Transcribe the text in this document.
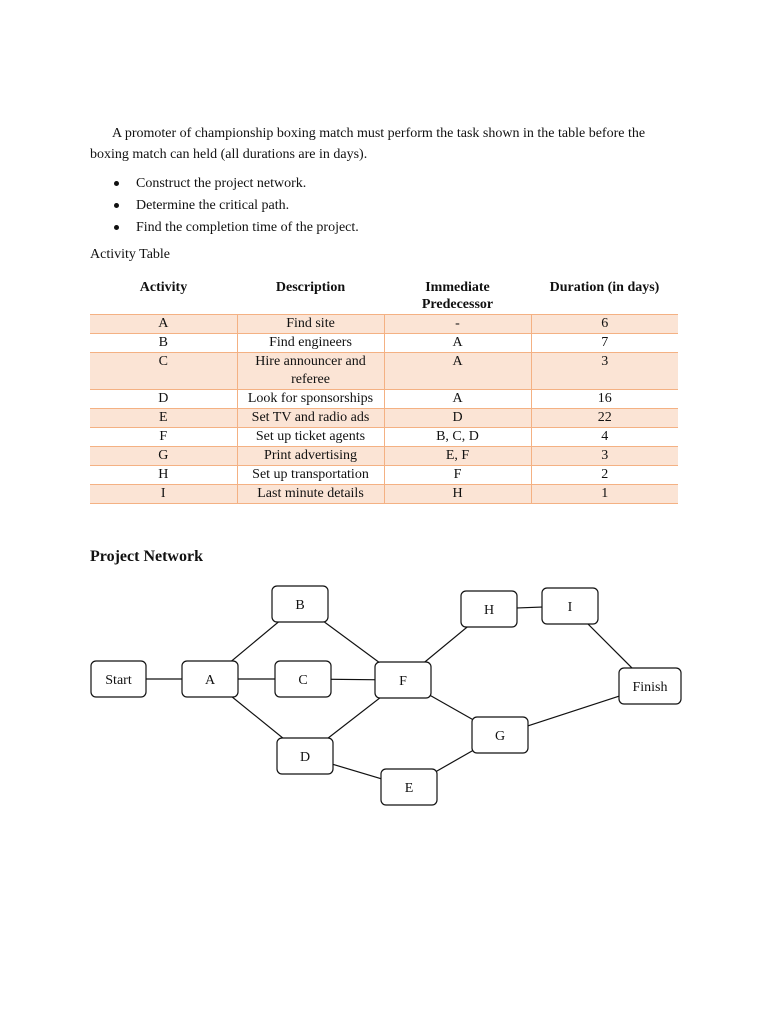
A promoter of championship boxing match must perform the task shown in the table before the boxing match can held (all durations are in days).

Construct the project network.
Determine the critical path.
Find the completion time of the project.

Activity Table

Activity	Description	Immediate Predecessor	Duration (in days)
A	Find site	-	6
B	Find engineers	A	7
C	Hire announcer and referee	A	3
D	Look for sponsorships	A	16
E	Set TV and radio ads	D	22
F	Set up ticket agents	B, C, D	4
G	Print advertising	E, F	3
H	Set up transportation	F	2
I	Last minute details	H	1

Project Network

Start	A
B
C
D
F
E
H	I
G
Finish
